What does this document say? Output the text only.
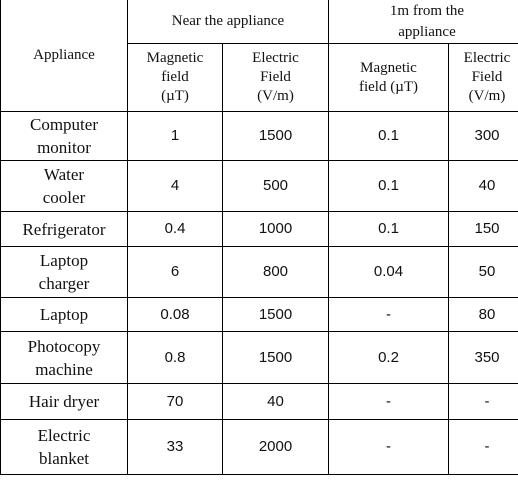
Appliance	Near the appliance		1m from the
appliance	

	Magnetic
field
(µT)	Electric
Field
(V/m)	Magnetic
field (µT)	Electric
Field
(V/m)

Computer
monitor	1	1500	0.1	300

Water
cooler	4	500	0.1	40
Refrigerator	0.4	1000	0.1	150

Laptop
charger	6	800	0.04	50
Laptop	0.08	1500	-	80

Photocopy
machine	0.8	1500	0.2	350
Hair dryer	70	40	-	-

Electric
blanket	33	2000	-	-
